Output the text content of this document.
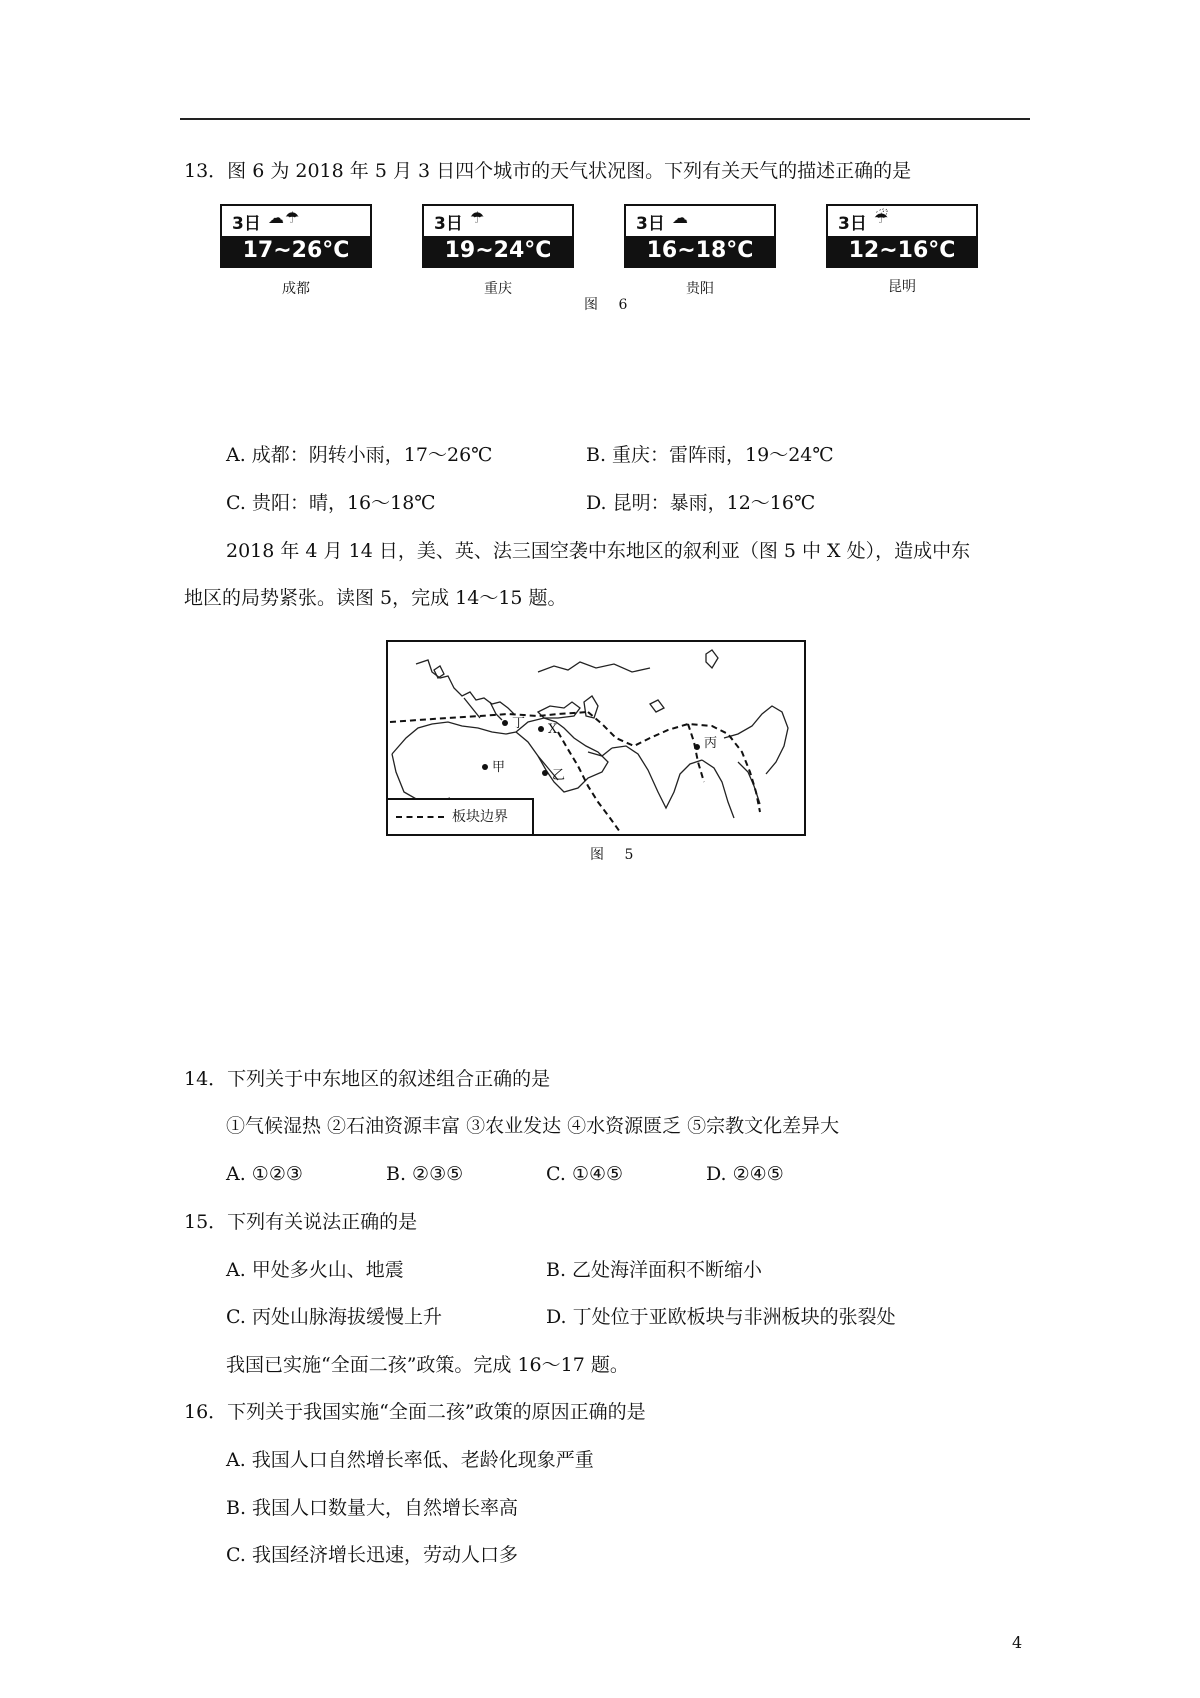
13．图 6 为 2018 年 5 月 3 日四个城市的天气状况图。下列有关天气的描述正确的是
3日 ☁☂
17~26°C
成都
3日 ☂
19~24°C
重庆
3日 ☁
16~18°C
贵阳
3日 ☔
12~16°C
昆明
图 6
A. 成都：阴转小雨，17～26℃	B. 重庆：雷阵雨，19～24℃
C. 贵阳：晴，16～18℃	D. 昆明：暴雨，12～16℃
2018 年 4 月 14 日，美、英、法三国空袭中东地区的叙利亚（图 5 中 X 处），造成中东
地区的局势紧张。读图 5，完成 14～15 题。
丁 X
甲
乙
丙
板块边界
图 5
14．下列关于中东地区的叙述组合正确的是
①气候湿热 ②石油资源丰富 ③农业发达 ④水资源匮乏 ⑤宗教文化差异大
A. ①②③	B. ②③⑤	C. ①④⑤	D. ②④⑤
15．下列有关说法正确的是
A. 甲处多火山、地震	B. 乙处海洋面积不断缩小
C. 丙处山脉海拔缓慢上升	D. 丁处位于亚欧板块与非洲板块的张裂处
我国已实施“全面二孩”政策。完成 16～17 题。
16．下列关于我国实施“全面二孩”政策的原因正确的是
A. 我国人口自然增长率低、老龄化现象严重
B. 我国人口数量大，自然增长率高
C. 我国经济增长迅速，劳动人口多
4
